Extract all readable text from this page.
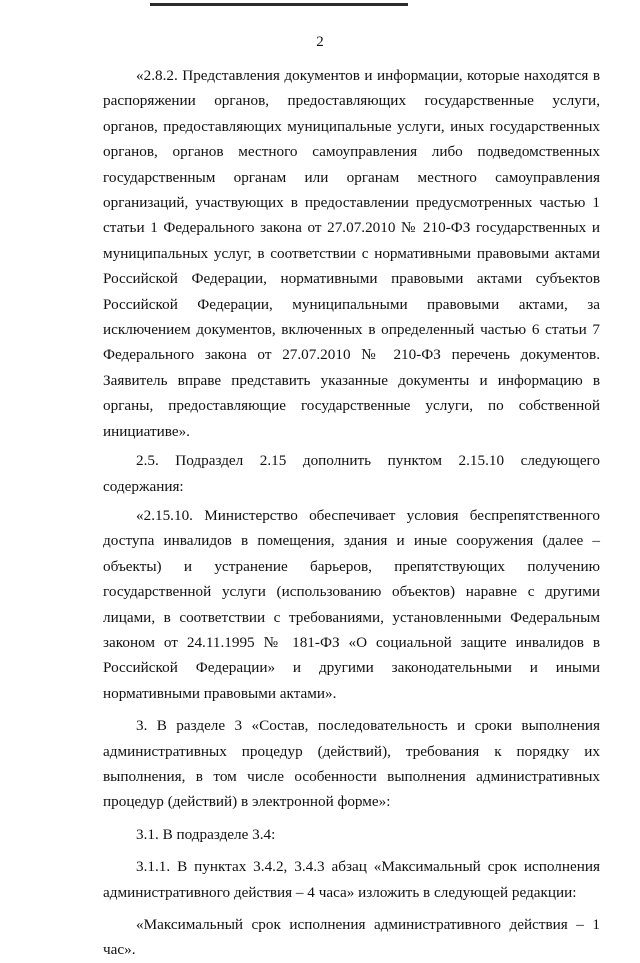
2

«2.8.2. Представления документов и информации, которые находятся в распоряжении органов, предоставляющих государственные услуги, органов, предоставляющих муниципальные услуги, иных государственных органов, органов местного самоуправления либо подведомственных государственным органам или органам местного самоуправления организаций, участвующих в предоставлении предусмотренных частью 1 статьи 1 Федерального закона от 27.07.2010 № 210-ФЗ государственных и муниципальных услуг, в соответствии с нормативными правовыми актами Российской Федерации, нормативными правовыми актами субъектов Российской Федерации, муниципальными правовыми актами, за исключением документов, включенных в определенный частью 6 статьи 7 Федерального закона от 27.07.2010 № 210-ФЗ перечень документов. Заявитель вправе представить указанные документы и информацию в органы, предоставляющие государственные услуги, по собственной инициативе».

2.5. Подраздел 2.15 дополнить пунктом 2.15.10 следующего содержания:

«2.15.10. Министерство обеспечивает условия беспрепятственного доступа инвалидов в помещения, здания и иные сооружения (далее – объекты) и устранение барьеров, препятствующих получению государственной услуги (использованию объектов) наравне с другими лицами, в соответствии с требованиями, установленными Федеральным законом от 24.11.1995 № 181-ФЗ «О социальной защите инвалидов в Российской Федерации» и другими законодательными и иными нормативными правовыми актами».

3. В разделе 3 «Состав, последовательность и сроки выполнения административных процедур (действий), требования к порядку их выполнения, в том числе особенности выполнения административных процедур (действий) в электронной форме»:

3.1. В подразделе 3.4:

3.1.1. В пунктах 3.4.2, 3.4.3 абзац «Максимальный срок исполнения административного действия – 4 часа» изложить в следующей редакции:

«Максимальный срок исполнения административного действия – 1 час».
